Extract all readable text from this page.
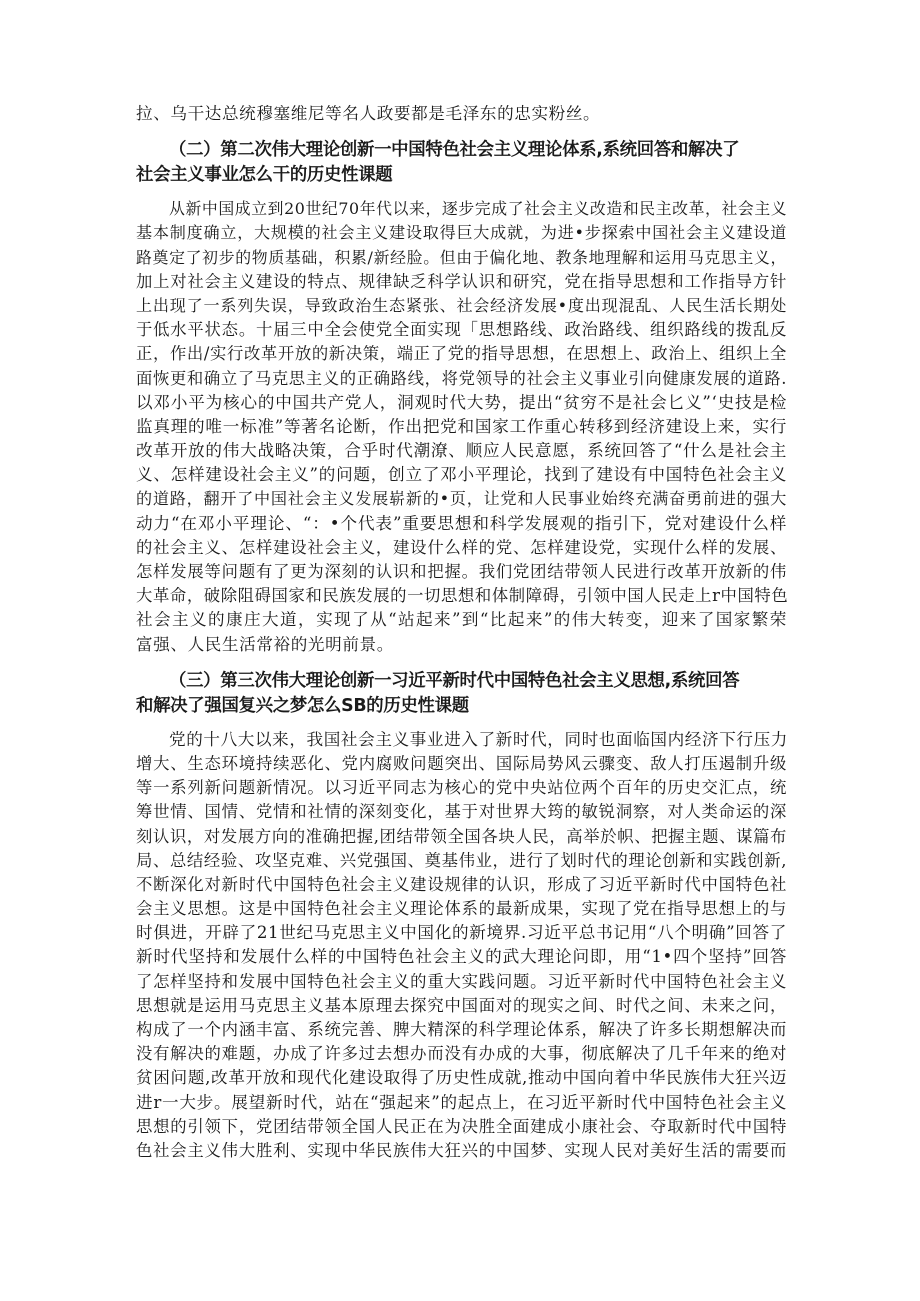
拉、乌干达总统穆塞维尼等名人政要都是毛泽东的忠实粉丝。
（二）第二次伟大理论创新一中国特色社会主义理论体系,系统回答和解决了
社会主义事业怎么干的历史性课题
从新中国成立到20世纪70年代以来，逐步完成了社会主义改造和民主改革，社会主义
基本制度确立，大规模的社会主义建设取得巨大成就，为进•步探索中国社会主义建设道
路奠定了初步的物质基础，积累/新经脸。但由于偏化地、教条地理解和运用马克思主义，
加上对社会主义建设的特点、规律缺乏科学认识和研究，党在指导思想和工作指导方针
上出现了一系列失误，导致政治生态紧张、社会经济发展•度出现混乱、人民生活长期处
于低水平状态。十届三中全会使党全面实现「思想路线、政治路线、组织路线的拨乱反
正，作出/实行改革开放的新决策，端正了党的指导思想，在思想上、政治上、组织上全
面恢更和确立了马克思主义的正确路线，将党领导的社会主义事业引向健康发展的道路.
以邓小平为核心的中国共产党人，洞观时代大势，提出“贫穷不是社会匕义”‘史技是检
监真理的唯一标准”等著名论断，作出把党和国家工作重心转移到经济建设上来，实行
改革开放的伟大战略决策，合乎时代潮潦、顺应人民意愿，系统回答了“什么是社会主
义、怎样建设社会主义”的问题，创立了邓小平理论，找到了建设有中国特色社会主义
的道路，翻开了中国社会主义发展崭新的•页，让党和人民事业始终充满奋勇前进的强大
动力“在邓小平理论、“：•个代表”重要思想和科学发展观的指引下，党对建设什么样
的社会主义、怎样建设社会主义，建设什么样的党、怎样建设党，实现什么样的发展、
怎样发展等问题有了更为深刻的认识和把握。我们党团结带领人民进行改革开放新的伟
大革命，破除阻碍国家和民族发展的一切思想和体制障碍，引领中国人民走上r中国特色
社会主义的康庄大道，实现了从“站起来”到“比起来”的伟大转变，迎来了国家繁荣
富强、人民生活常裕的光明前景。
（三）第三次伟大理论创新一习近平新时代中国特色社会主义思想,系统回答
和解决了强国复兴之梦怎么SB的历史性课题
党的十八大以来，我国社会主义事业进入了新时代，同时也面临国内经济下行压力
增大、生态环境持续恶化、党内腐败问题突出、国际局势风云骤变、敌人打压遏制升级
等一系列新问题新情况。以习近平同志为核心的党中央站位两个百年的历史交汇点，统
筹世情、国情、党情和社情的深刻变化，基于对世界大筠的敏锐洞察，对人类命运的深
刻认识，对发展方向的准确把握,团结带领全国各块人民，高举於帜、把握主题、谋篇布
局、总结经验、攻坚克难、兴党强国、奠基伟业，进行了划时代的理论创新和实践创新,
不断深化对新时代中国特色社会主义建设规律的认识，形成了习近平新时代中国特色社
会主义思想。这是中国特色社会主义理论体系的最新成果，实现了党在指导思想上的与
时俱进，开辟了21世纪马克思主义中国化的新境界.习近平总书记用“八个明确”回答了
新时代坚持和发展什么样的中国特色社会主义的武大理论问即，用“1•四个坚持”回答
了怎样坚持和发展中国特色社会主义的重大实践问题。习近平新时代中国特色社会主义
思想就是运用马克思主义基本原理去探究中国面对的现实之间、时代之间、未来之问，
构成了一个内涵丰富、系统完善、脾大精深的科学理论体系，解决了许多长期想解决而
没有解决的难题，办成了许多过去想办而没有办成的大事，彻底解决了几千年来的绝对
贫困问题,改革开放和现代化建设取得了历史性成就,推动中国向着中华民族伟大狂兴迈
进r一大步。展望新时代，站在“强起来”的起点上，在习近平新时代中国特色社会主义
思想的引领下，党团结带领全国人民正在为决胜全面建成小康社会、夺取新时代中国特
色社会主义伟大胜利、实现中华民族伟大狂兴的中国梦、实现人民对美好生活的需要而
